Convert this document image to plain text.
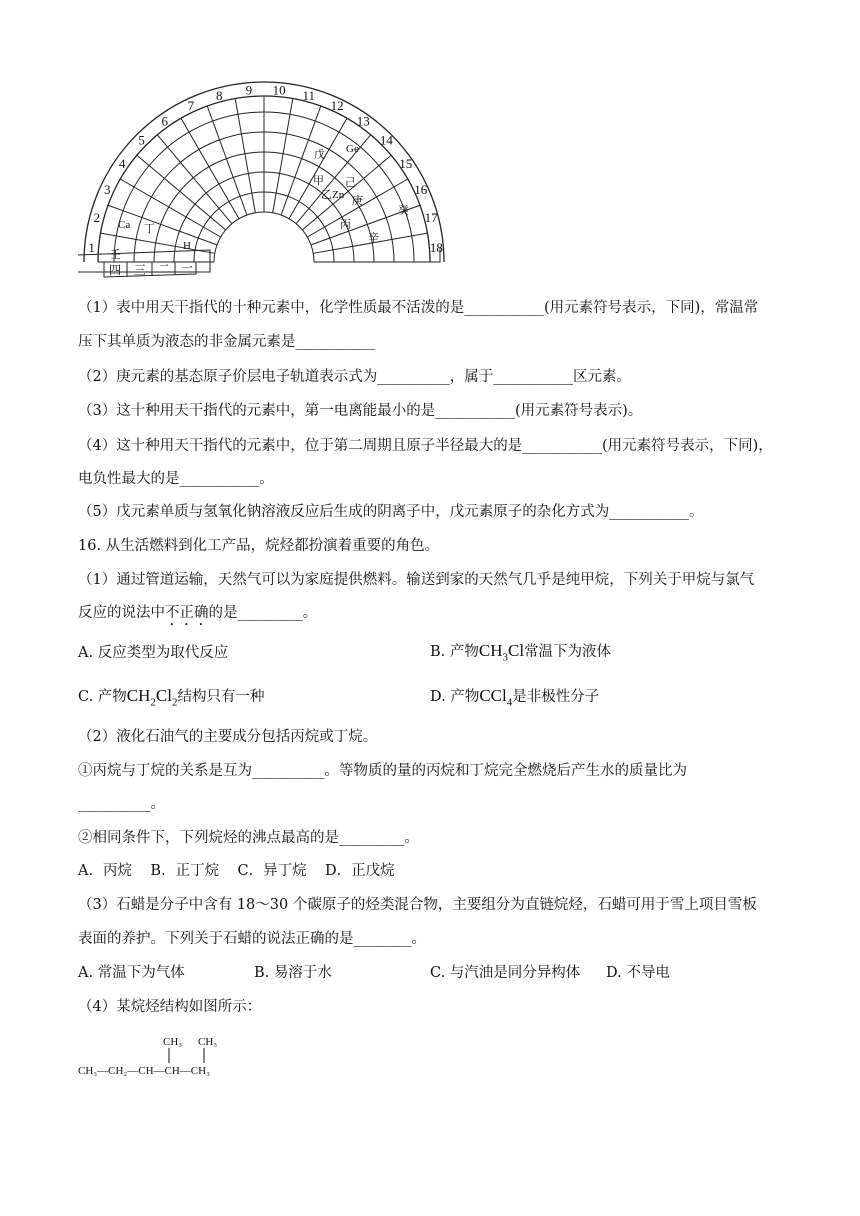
1
2
3
4
5
6
7
8 9 10 11
12
13
14
15
16
17
18
四 三 二 一
壬
Ca 丁
H
戊 Ge
甲 己
乙 Zn 庚
丙
癸
辛
（1）表中用天干指代的十种元素中，化学性质最不活泼的是___________(用元素符号表示，下同)，常温常
压下其单质为液态的非金属元素是___________
（2）庚元素的基态原子价层电子轨道表示式为__________，属于___________区元素。
（3）这十种用天干指代的元素中，第一电离能最小的是___________(用元素符号表示)。
（4）这十种用天干指代的元素中，位于第二周期且原子半径最大的是___________(用元素符号表示，下同)，
电负性最大的是___________。
（5）戊元素单质与氢氧化钠溶液反应后生成的阴离子中，戊元素原子的杂化方式为___________。
16. 从生活燃料到化工产品，烷烃都扮演着重要的角色。
（1）通过管道运输，天然气可以为家庭提供燃料。输送到家的天然气几乎是纯甲烷，下列关于甲烷与氯气
反应的说法中不正确的是_________。
A. 反应类型为取代反应	B. 产物$CH_3Cl$常温下为液体
C. 产物$CH_2Cl_2$结构只有一种	D. 产物CCl$_4$是非极性分子
（2）液化石油气的主要成分包括丙烷或丁烷。
①丙烷与丁烷的关系是互为__________。等物质的量的丙烷和丁烷完全燃烧后产生水的质量比为
__________。
②相同条件下，下列烷烃的沸点最高的是_________。
A．丙烷    B．正丁烷    C．异丁烷    D．正戊烷
（3）石蜡是分子中含有 18～30 个碳原子的烃类混合物，主要组分为直链烷烃，石蜡可用于雪上项目雪板
表面的养护。下列关于石蜡的说法正确的是________。
A. 常温下为气体	B. 易溶于水	C. 与汽油是同分异构体 D. 不导电
（4）某烷烃结构如图所示：
CH₃ CH₃
CH₃—CH₂—CH—CH—CH₃
